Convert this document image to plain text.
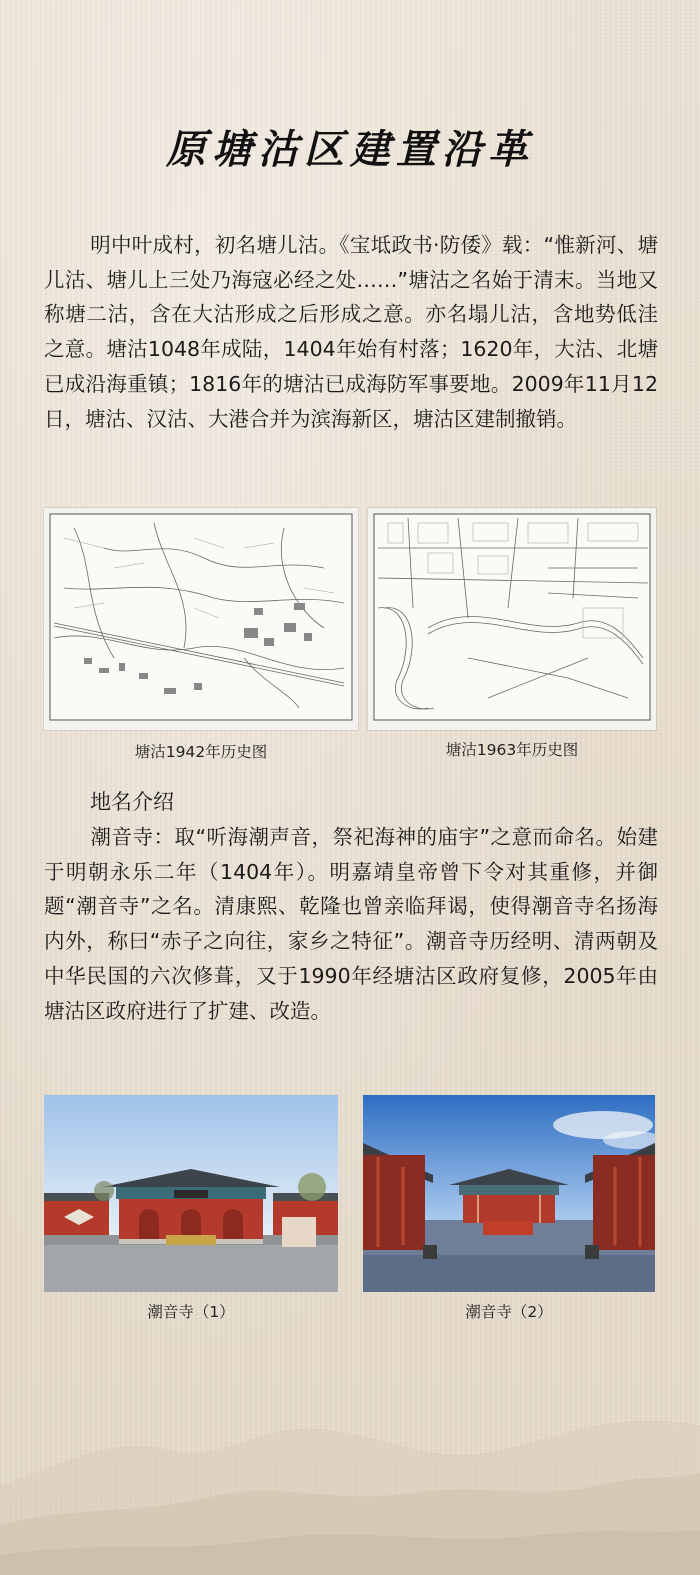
原塘沽区建置沿革

明中叶成村，初名塘儿沽。《宝坻政书·防倭》载：“惟新河、塘儿沽、塘儿上三处乃海寇必经之处……”塘沽之名始于清末。当地又称塘二沽，含在大沽形成之后形成之意。亦名塌儿沽，含地势低洼之意。塘沽1048年成陆，1404年始有村落；1620年，大沽、北塘已成沿海重镇；1816年的塘沽已成海防军事要地。2009年11月12日，塘沽、汉沽、大港合并为滨海新区，塘沽区建制撤销。

塘沽1942年历史图	塘沽1963年历史图
地名介绍

潮音寺：取“听海潮声音，祭祀海神的庙宇”之意而命名。始建于明朝永乐二年（1404年）。明嘉靖皇帝曾下令对其重修，并御题“潮音寺”之名。清康熙、乾隆也曾亲临拜谒，使得潮音寺名扬海内外，称曰“赤子之向往，家乡之特征”。潮音寺历经明、清两朝及中华民国的六次修葺，又于1990年经塘沽区政府复修，2005年由塘沽区政府进行了扩建、改造。

潮音寺（1）	潮音寺（2）
